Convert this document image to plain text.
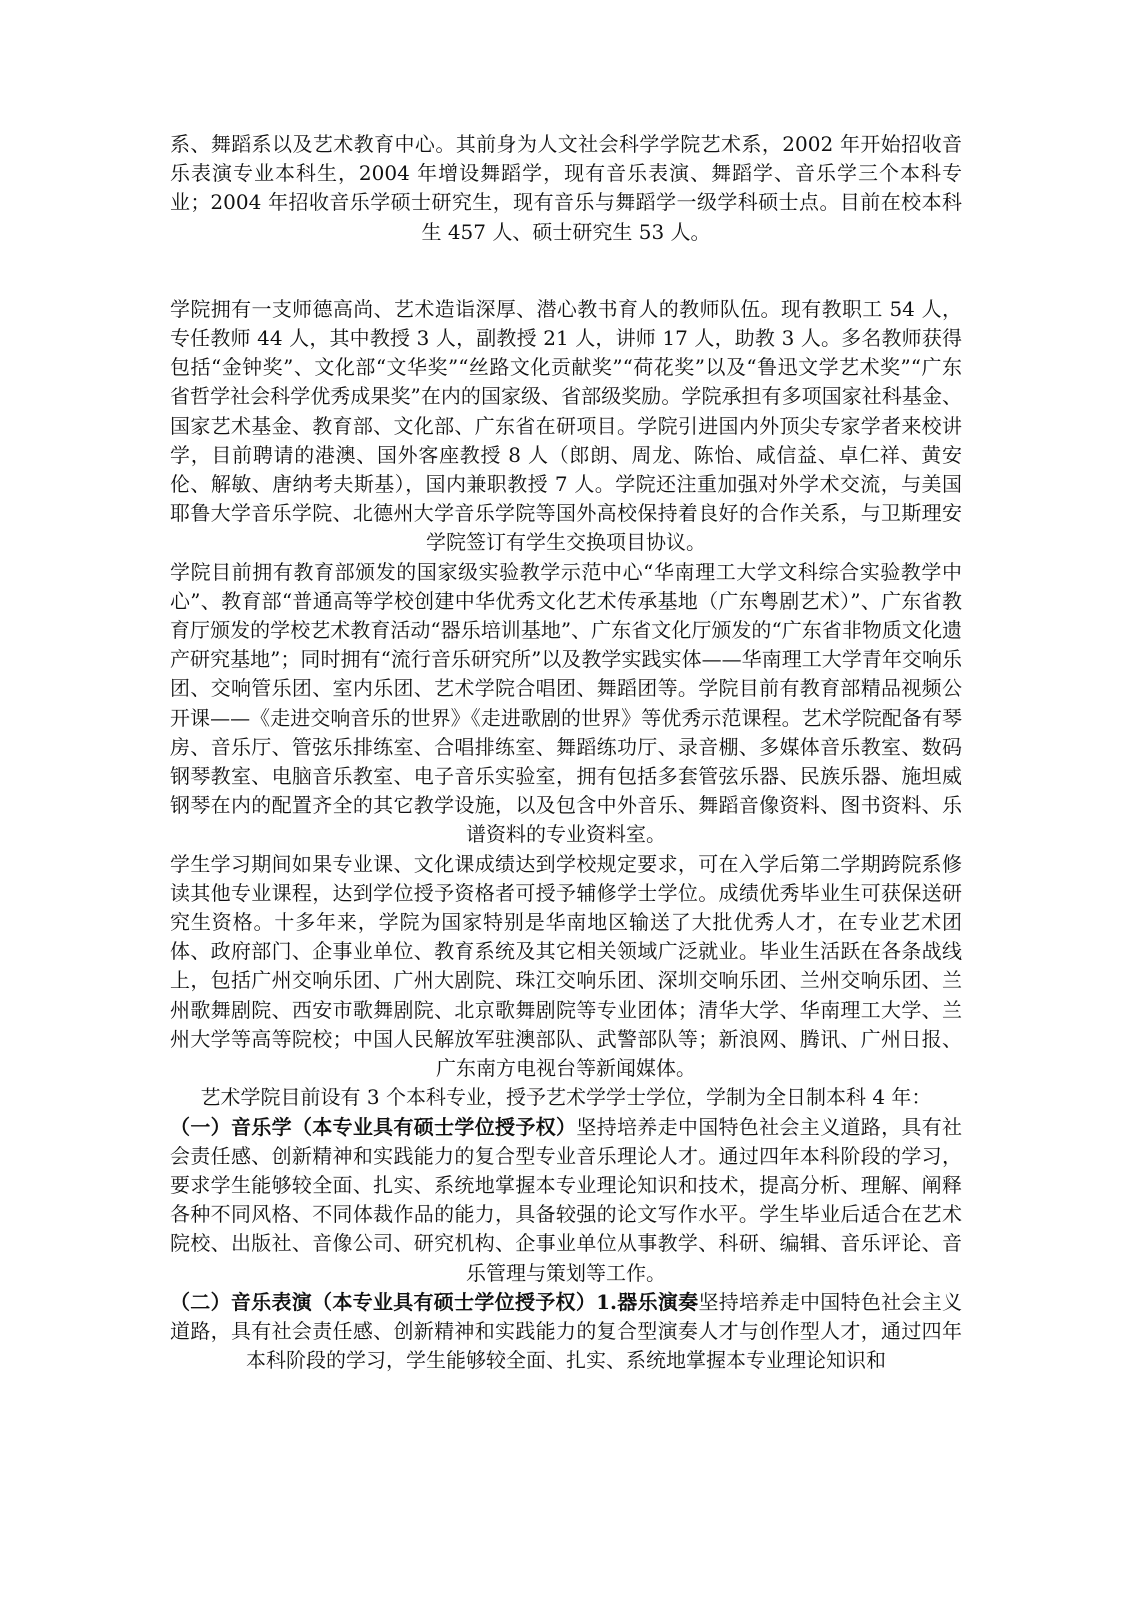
系、舞蹈系以及艺术教育中心。其前身为人文社会科学学院艺术系，2002 年开始招收音乐表演专业本科生，2004 年增设舞蹈学，现有音乐表演、舞蹈学、音乐学三个本科专业；2004 年招收音乐学硕士研究生，现有音乐与舞蹈学一级学科硕士点。目前在校本科生 457 人、硕士研究生 53 人。

学院拥有一支师德高尚、艺术造诣深厚、潜心教书育人的教师队伍。现有教职工 54 人，专任教师 44 人，其中教授 3 人，副教授 21 人，讲师 17 人，助教 3 人。多名教师获得包括“金钟奖”、文化部“文华奖”“丝路文化贡献奖”“荷花奖”以及“鲁迅文学艺术奖”“广东省哲学社会科学优秀成果奖”在内的国家级、省部级奖励。学院承担有多项国家社科基金、国家艺术基金、教育部、文化部、广东省在研项目。学院引进国内外顶尖专家学者来校讲学，目前聘请的港澳、国外客座教授 8 人（郎朗、周龙、陈怡、咸信益、卓仁祥、黄安伦、解敏、唐纳考夫斯基），国内兼职教授 7 人。学院还注重加强对外学术交流，与美国耶鲁大学音乐学院、北德州大学音乐学院等国外高校保持着良好的合作关系，与卫斯理安学院签订有学生交换项目协议。

学院目前拥有教育部颁发的国家级实验教学示范中心“华南理工大学文科综合实验教学中心”、教育部“普通高等学校创建中华优秀文化艺术传承基地（广东粤剧艺术）”、广东省教育厅颁发的学校艺术教育活动“器乐培训基地”、广东省文化厅颁发的“广东省非物质文化遗产研究基地”；同时拥有“流行音乐研究所”以及教学实践实体——华南理工大学青年交响乐团、交响管乐团、室内乐团、艺术学院合唱团、舞蹈团等。学院目前有教育部精品视频公开课——《走进交响音乐的世界》《走进歌剧的世界》等优秀示范课程。艺术学院配备有琴房、音乐厅、管弦乐排练室、合唱排练室、舞蹈练功厅、录音棚、多媒体音乐教室、数码钢琴教室、电脑音乐教室、电子音乐实验室，拥有包括多套管弦乐器、民族乐器、施坦威钢琴在内的配置齐全的其它教学设施，以及包含中外音乐、舞蹈音像资料、图书资料、乐谱资料的专业资料室。

学生学习期间如果专业课、文化课成绩达到学校规定要求，可在入学后第二学期跨院系修读其他专业课程，达到学位授予资格者可授予辅修学士学位。成绩优秀毕业生可获保送研究生资格。十多年来，学院为国家特别是华南地区输送了大批优秀人才，在专业艺术团体、政府部门、企事业单位、教育系统及其它相关领域广泛就业。毕业生活跃在各条战线上，包括广州交响乐团、广州大剧院、珠江交响乐团、深圳交响乐团、兰州交响乐团、兰州歌舞剧院、西安市歌舞剧院、北京歌舞剧院等专业团体；清华大学、华南理工大学、兰州大学等高等院校；中国人民解放军驻澳部队、武警部队等；新浪网、腾讯、广州日报、广东南方电视台等新闻媒体。

艺术学院目前设有 3 个本科专业，授予艺术学学士学位，学制为全日制本科 4 年：

（一）音乐学（本专业具有硕士学位授予权）坚持培养走中国特色社会主义道路，具有社会责任感、创新精神和实践能力的复合型专业音乐理论人才。通过四年本科阶段的学习，要求学生能够较全面、扎实、系统地掌握本专业理论知识和技术，提高分析、理解、阐释各种不同风格、不同体裁作品的能力，具备较强的论文写作水平。学生毕业后适合在艺术院校、出版社、音像公司、研究机构、企事业单位从事教学、科研、编辑、音乐评论、音乐管理与策划等工作。

（二）音乐表演（本专业具有硕士学位授予权）1.器乐演奏坚持培养走中国特色社会主义道路，具有社会责任感、创新精神和实践能力的复合型演奏人才与创作型人才，通过四年本科阶段的学习，学生能够较全面、扎实、系统地掌握本专业理论知识和
